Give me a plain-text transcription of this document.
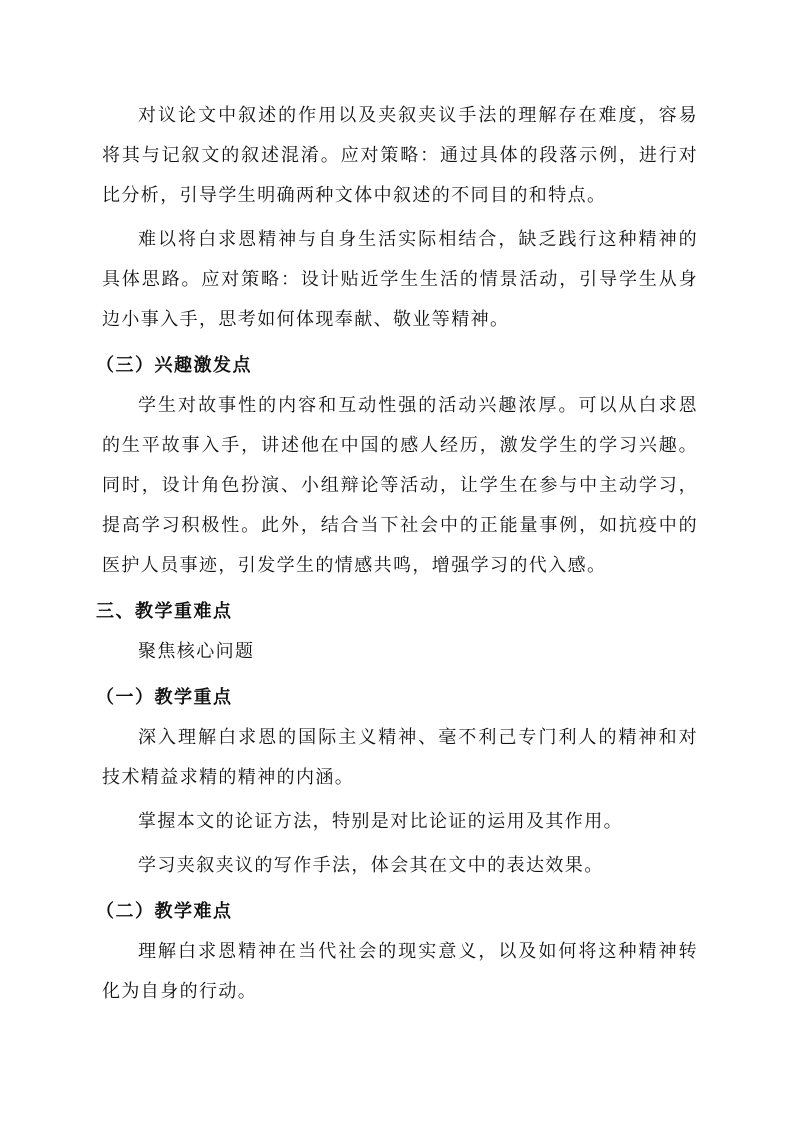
对议论文中叙述的作用以及夹叙夹议手法的理解存在难度，容易将其与记叙文的叙述混淆。应对策略：通过具体的段落示例，进行对比分析，引导学生明确两种文体中叙述的不同目的和特点。

难以将白求恩精神与自身生活实际相结合，缺乏践行这种精神的具体思路。应对策略：设计贴近学生生活的情景活动，引导学生从身边小事入手，思考如何体现奉献、敬业等精神。

（三）兴趣激发点

学生对故事性的内容和互动性强的活动兴趣浓厚。可以从白求恩的生平故事入手，讲述他在中国的感人经历，激发学生的学习兴趣。同时，设计角色扮演、小组辩论等活动，让学生在参与中主动学习，提高学习积极性。此外，结合当下社会中的正能量事例，如抗疫中的医护人员事迹，引发学生的情感共鸣，增强学习的代入感。

三、教学重难点

聚焦核心问题

（一）教学重点

深入理解白求恩的国际主义精神、毫不利己专门利人的精神和对技术精益求精的精神的内涵。

掌握本文的论证方法，特别是对比论证的运用及其作用。

学习夹叙夹议的写作手法，体会其在文中的表达效果。

（二）教学难点

理解白求恩精神在当代社会的现实意义，以及如何将这种精神转化为自身的行动。
